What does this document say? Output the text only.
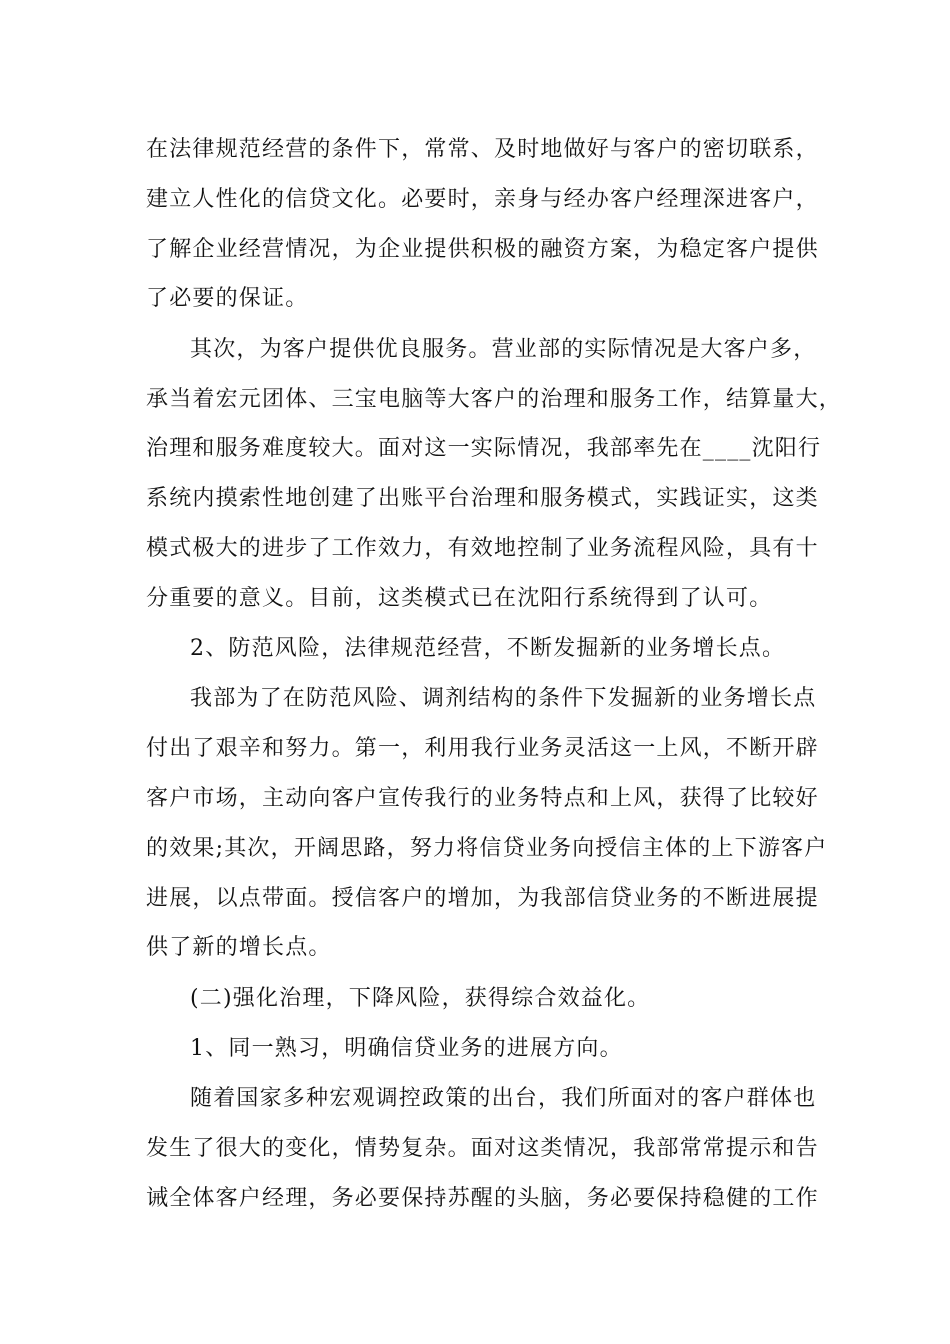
在法律规范经营的条件下，常常、及时地做好与客户的密切联系，

建立人性化的信贷文化。必要时，亲身与经办客户经理深进客户，

了解企业经营情况，为企业提供积极的融资方案，为稳定客户提供

了必要的保证。

其次，为客户提供优良服务。营业部的实际情况是大客户多，

承当着宏元团体、三宝电脑等大客户的治理和服务工作，结算量大，

治理和服务难度较大。面对这一实际情况，我部率先在____沈阳行

系统内摸索性地创建了出账平台治理和服务模式，实践证实，这类

模式极大的进步了工作效力，有效地控制了业务流程风险，具有十

分重要的意义。目前，这类模式已在沈阳行系统得到了认可。

2、防范风险，法律规范经营，不断发掘新的业务增长点。

我部为了在防范风险、调剂结构的条件下发掘新的业务增长点

付出了艰辛和努力。第一，利用我行业务灵活这一上风，不断开辟

客户市场，主动向客户宣传我行的业务特点和上风，获得了比较好

的效果;其次，开阔思路，努力将信贷业务向授信主体的上下游客户

进展，以点带面。授信客户的增加，为我部信贷业务的不断进展提

供了新的增长点。

(二)强化治理，下降风险，获得综合效益化。

1、同一熟习，明确信贷业务的进展方向。

随着国家多种宏观调控政策的出台，我们所面对的客户群体也

发生了很大的变化，情势复杂。面对这类情况，我部常常提示和告

诫全体客户经理，务必要保持苏醒的头脑，务必要保持稳健的工作
